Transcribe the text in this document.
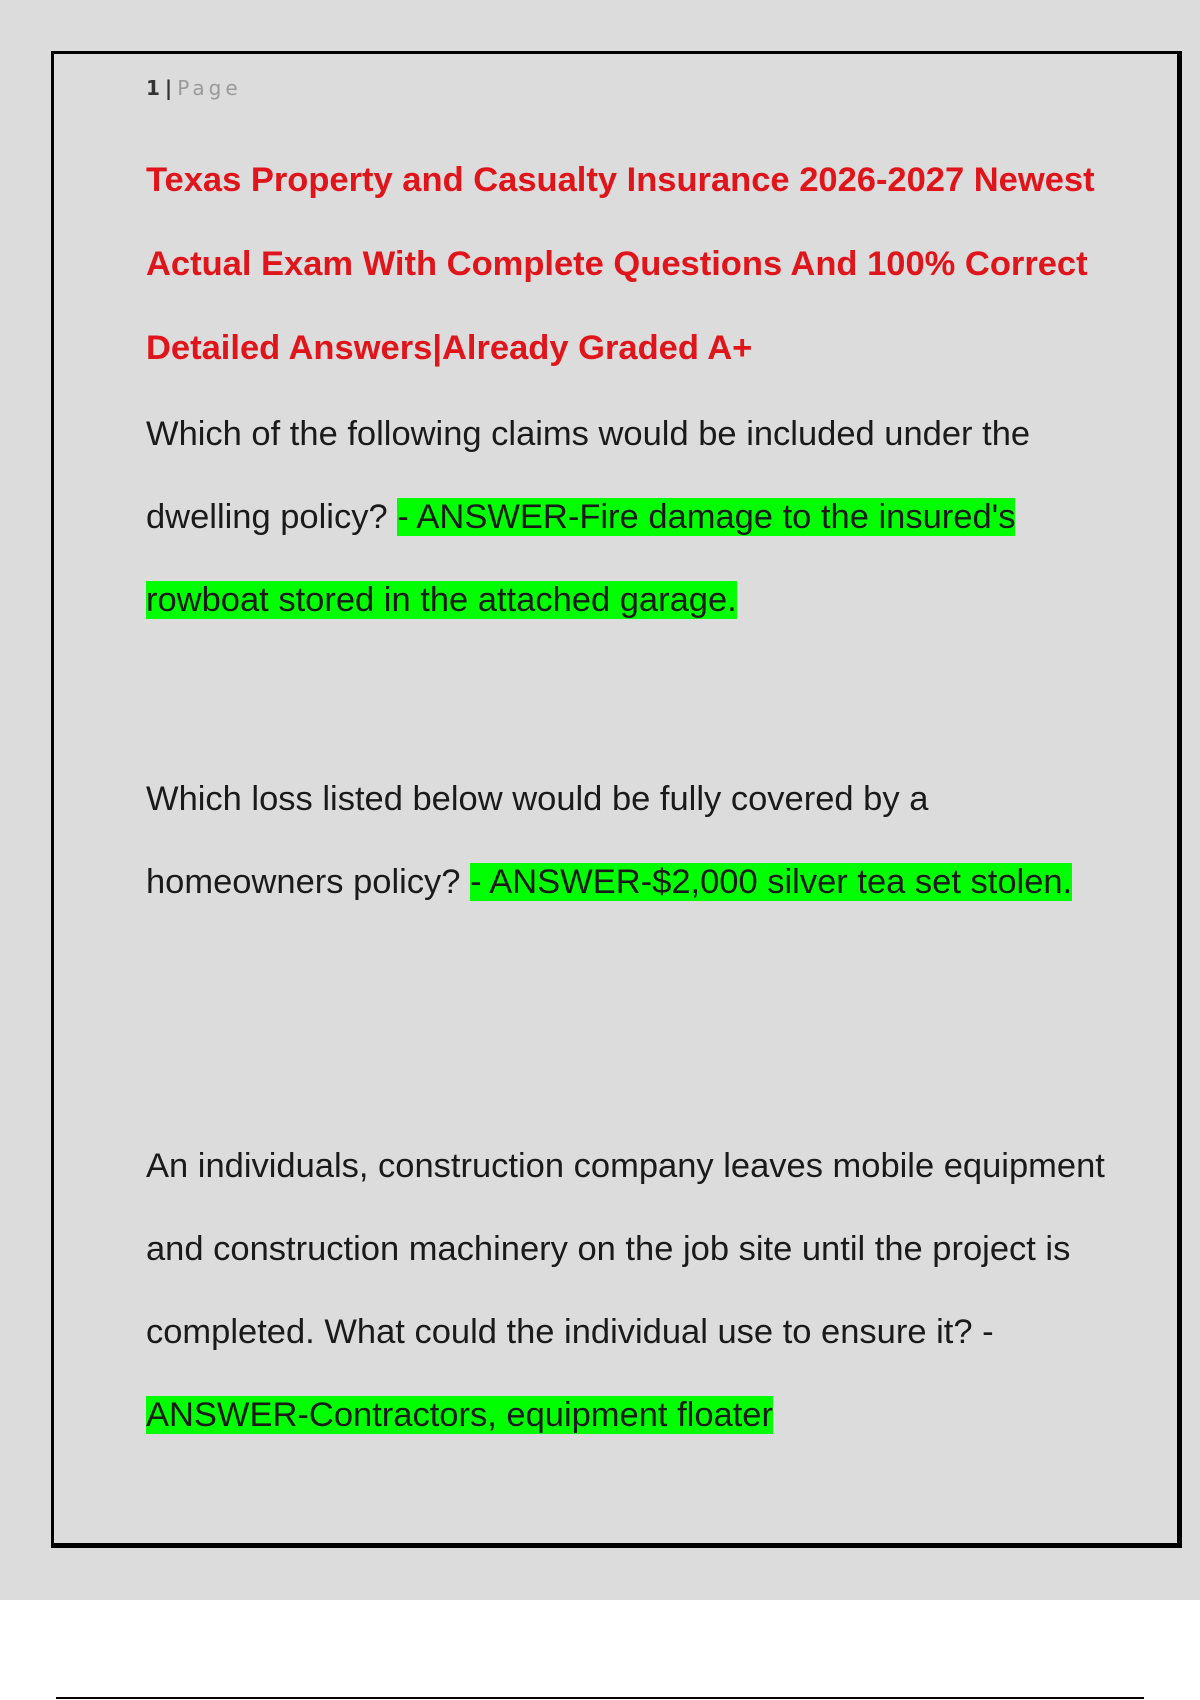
1 | Page
Texas Property and Casualty Insurance 2026-2027 Newest Actual Exam With Complete Questions And 100% Correct Detailed Answers|Already Graded A+

Which of the following claims would be included under the dwelling policy? - ANSWER-Fire damage to the insured's rowboat stored in the attached garage.

Which loss listed below would be fully covered by a homeowners policy? - ANSWER-$2,000 silver tea set stolen.

An individuals, construction company leaves mobile equipment and construction machinery on the job site until the project is completed. What could the individual use to ensure it? - ANSWER-Contractors, equipment floater
